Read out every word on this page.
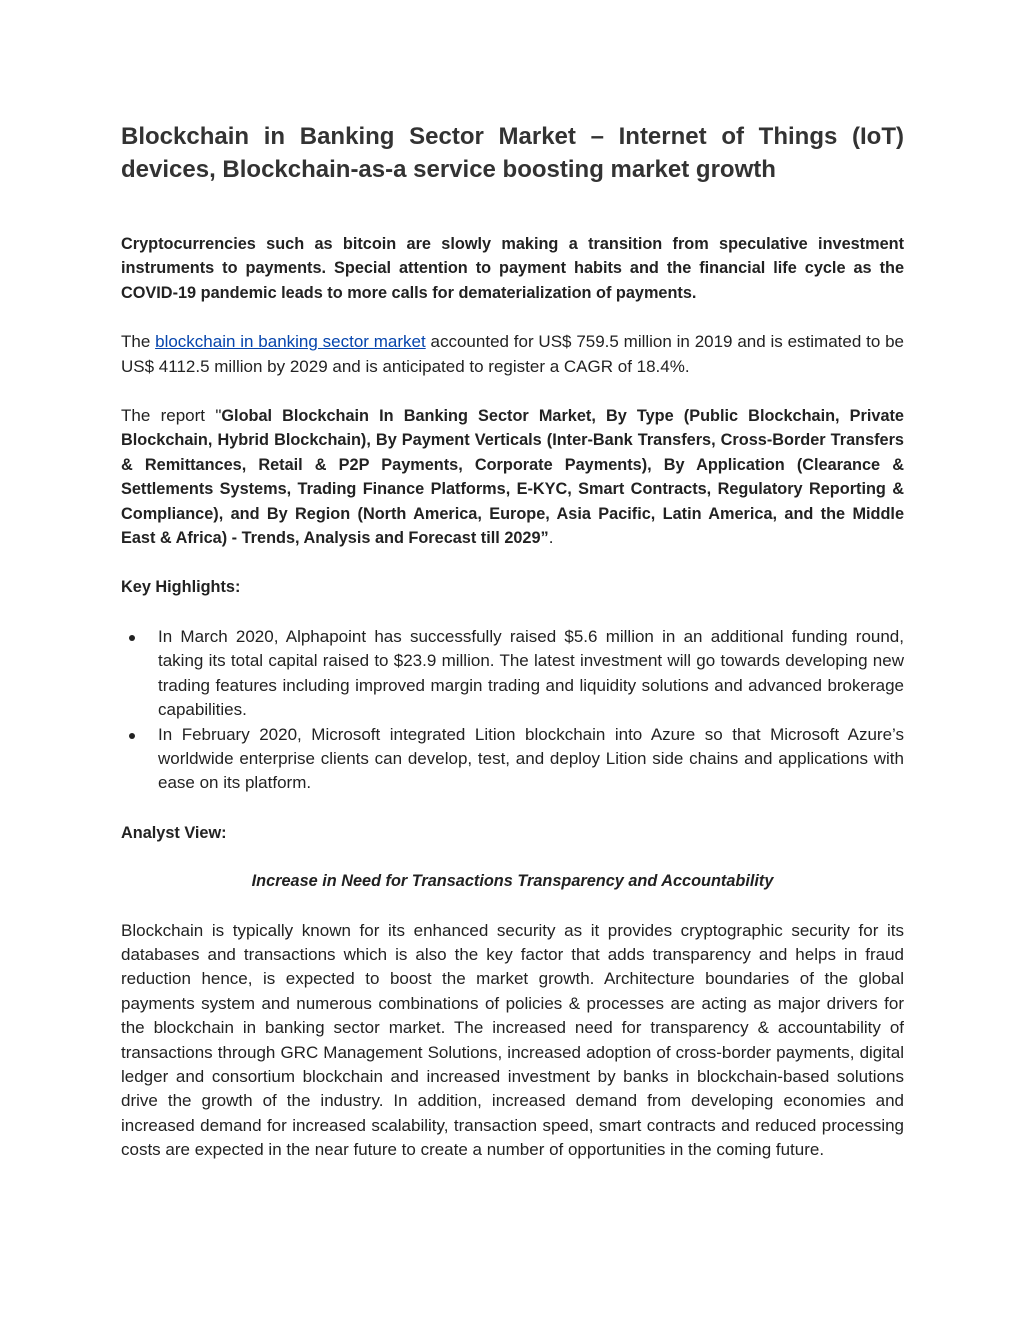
Blockchain in Banking Sector Market – Internet of Things (IoT) devices, Blockchain-as-a service boosting market growth

Cryptocurrencies such as bitcoin are slowly making a transition from speculative investment instruments to payments. Special attention to payment habits and the financial life cycle as the COVID-19 pandemic leads to more calls for dematerialization of payments.

The blockchain in banking sector market accounted for US$ 759.5 million in 2019 and is estimated to be US$ 4112.5 million by 2029 and is anticipated to register a CAGR of 18.4%.

The report "Global Blockchain In Banking Sector Market, By Type (Public Blockchain, Private Blockchain, Hybrid Blockchain), By Payment Verticals (Inter-Bank Transfers, Cross-Border Transfers & Remittances, Retail & P2P Payments, Corporate Payments), By Application (Clearance & Settlements Systems, Trading Finance Platforms, E-KYC, Smart Contracts, Regulatory Reporting & Compliance), and By Region (North America, Europe, Asia Pacific, Latin America, and the Middle East & Africa) - Trends, Analysis and Forecast till 2029”.

Key Highlights:

In March 2020, Alphapoint has successfully raised $5.6 million in an additional funding round, taking its total capital raised to $23.9 million. The latest investment will go towards developing new trading features including improved margin trading and liquidity solutions and advanced brokerage capabilities.
In February 2020, Microsoft integrated Lition blockchain into Azure so that Microsoft Azure’s worldwide enterprise clients can develop, test, and deploy Lition side chains and applications with ease on its platform.

Analyst View:

Increase in Need for Transactions Transparency and Accountability

Blockchain is typically known for its enhanced security as it provides cryptographic security for its databases and transactions which is also the key factor that adds transparency and helps in fraud reduction hence, is expected to boost the market growth. Architecture boundaries of the global payments system and numerous combinations of policies & processes are acting as major drivers for the blockchain in banking sector market. The increased need for transparency & accountability of transactions through GRC Management Solutions, increased adoption of cross-border payments, digital ledger and consortium blockchain and increased investment by banks in blockchain-based solutions drive the growth of the industry. In addition, increased demand from developing economies and increased demand for increased scalability, transaction speed, smart contracts and reduced processing costs are expected in the near future to create a number of opportunities in the coming future.
